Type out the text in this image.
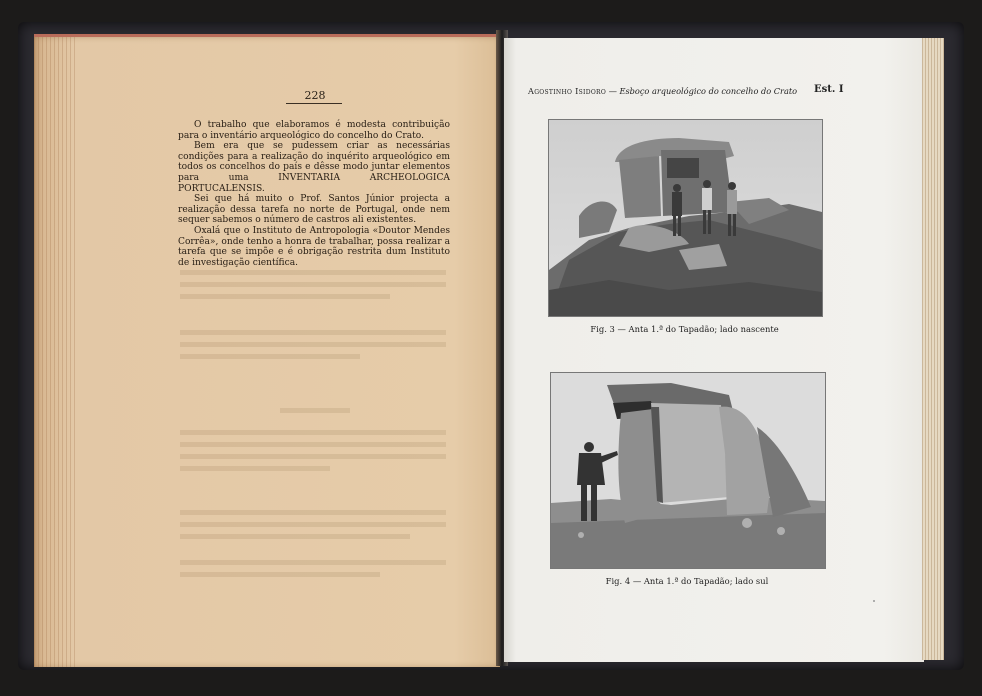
228

O trabalho que elaboramos é modesta contribuição para o inventário arqueológico do concelho do Crato.

Bem era que se pudessem criar as necessárias condições para a realização do inquérito arqueológico em todos os concelhos do país e dêsse modo juntar elementos para uma INVENTARIA ARCHEOLOGICA PORTUCALENSIS.

Sei que há muito o Prof. Santos Júnior projecta a realização dessa tarefa no norte de Portugal, onde nem sequer sabemos o número de castros ali existentes.

Oxalá que o Instituto de Antropologia «Doutor Mendes Corrêa», onde tenho a honra de trabalhar, possa realizar a tarefa que se impõe e é obrigação restrita dum Instituto de investigação científica.

Agostinho Isidoro — Esboço arqueológico do concelho do Crato	Est. I
Fig. 3 — Anta 1.ª do Tapadão; lado nascente
Fig. 4 — Anta 1.ª do Tapadão; lado sul
